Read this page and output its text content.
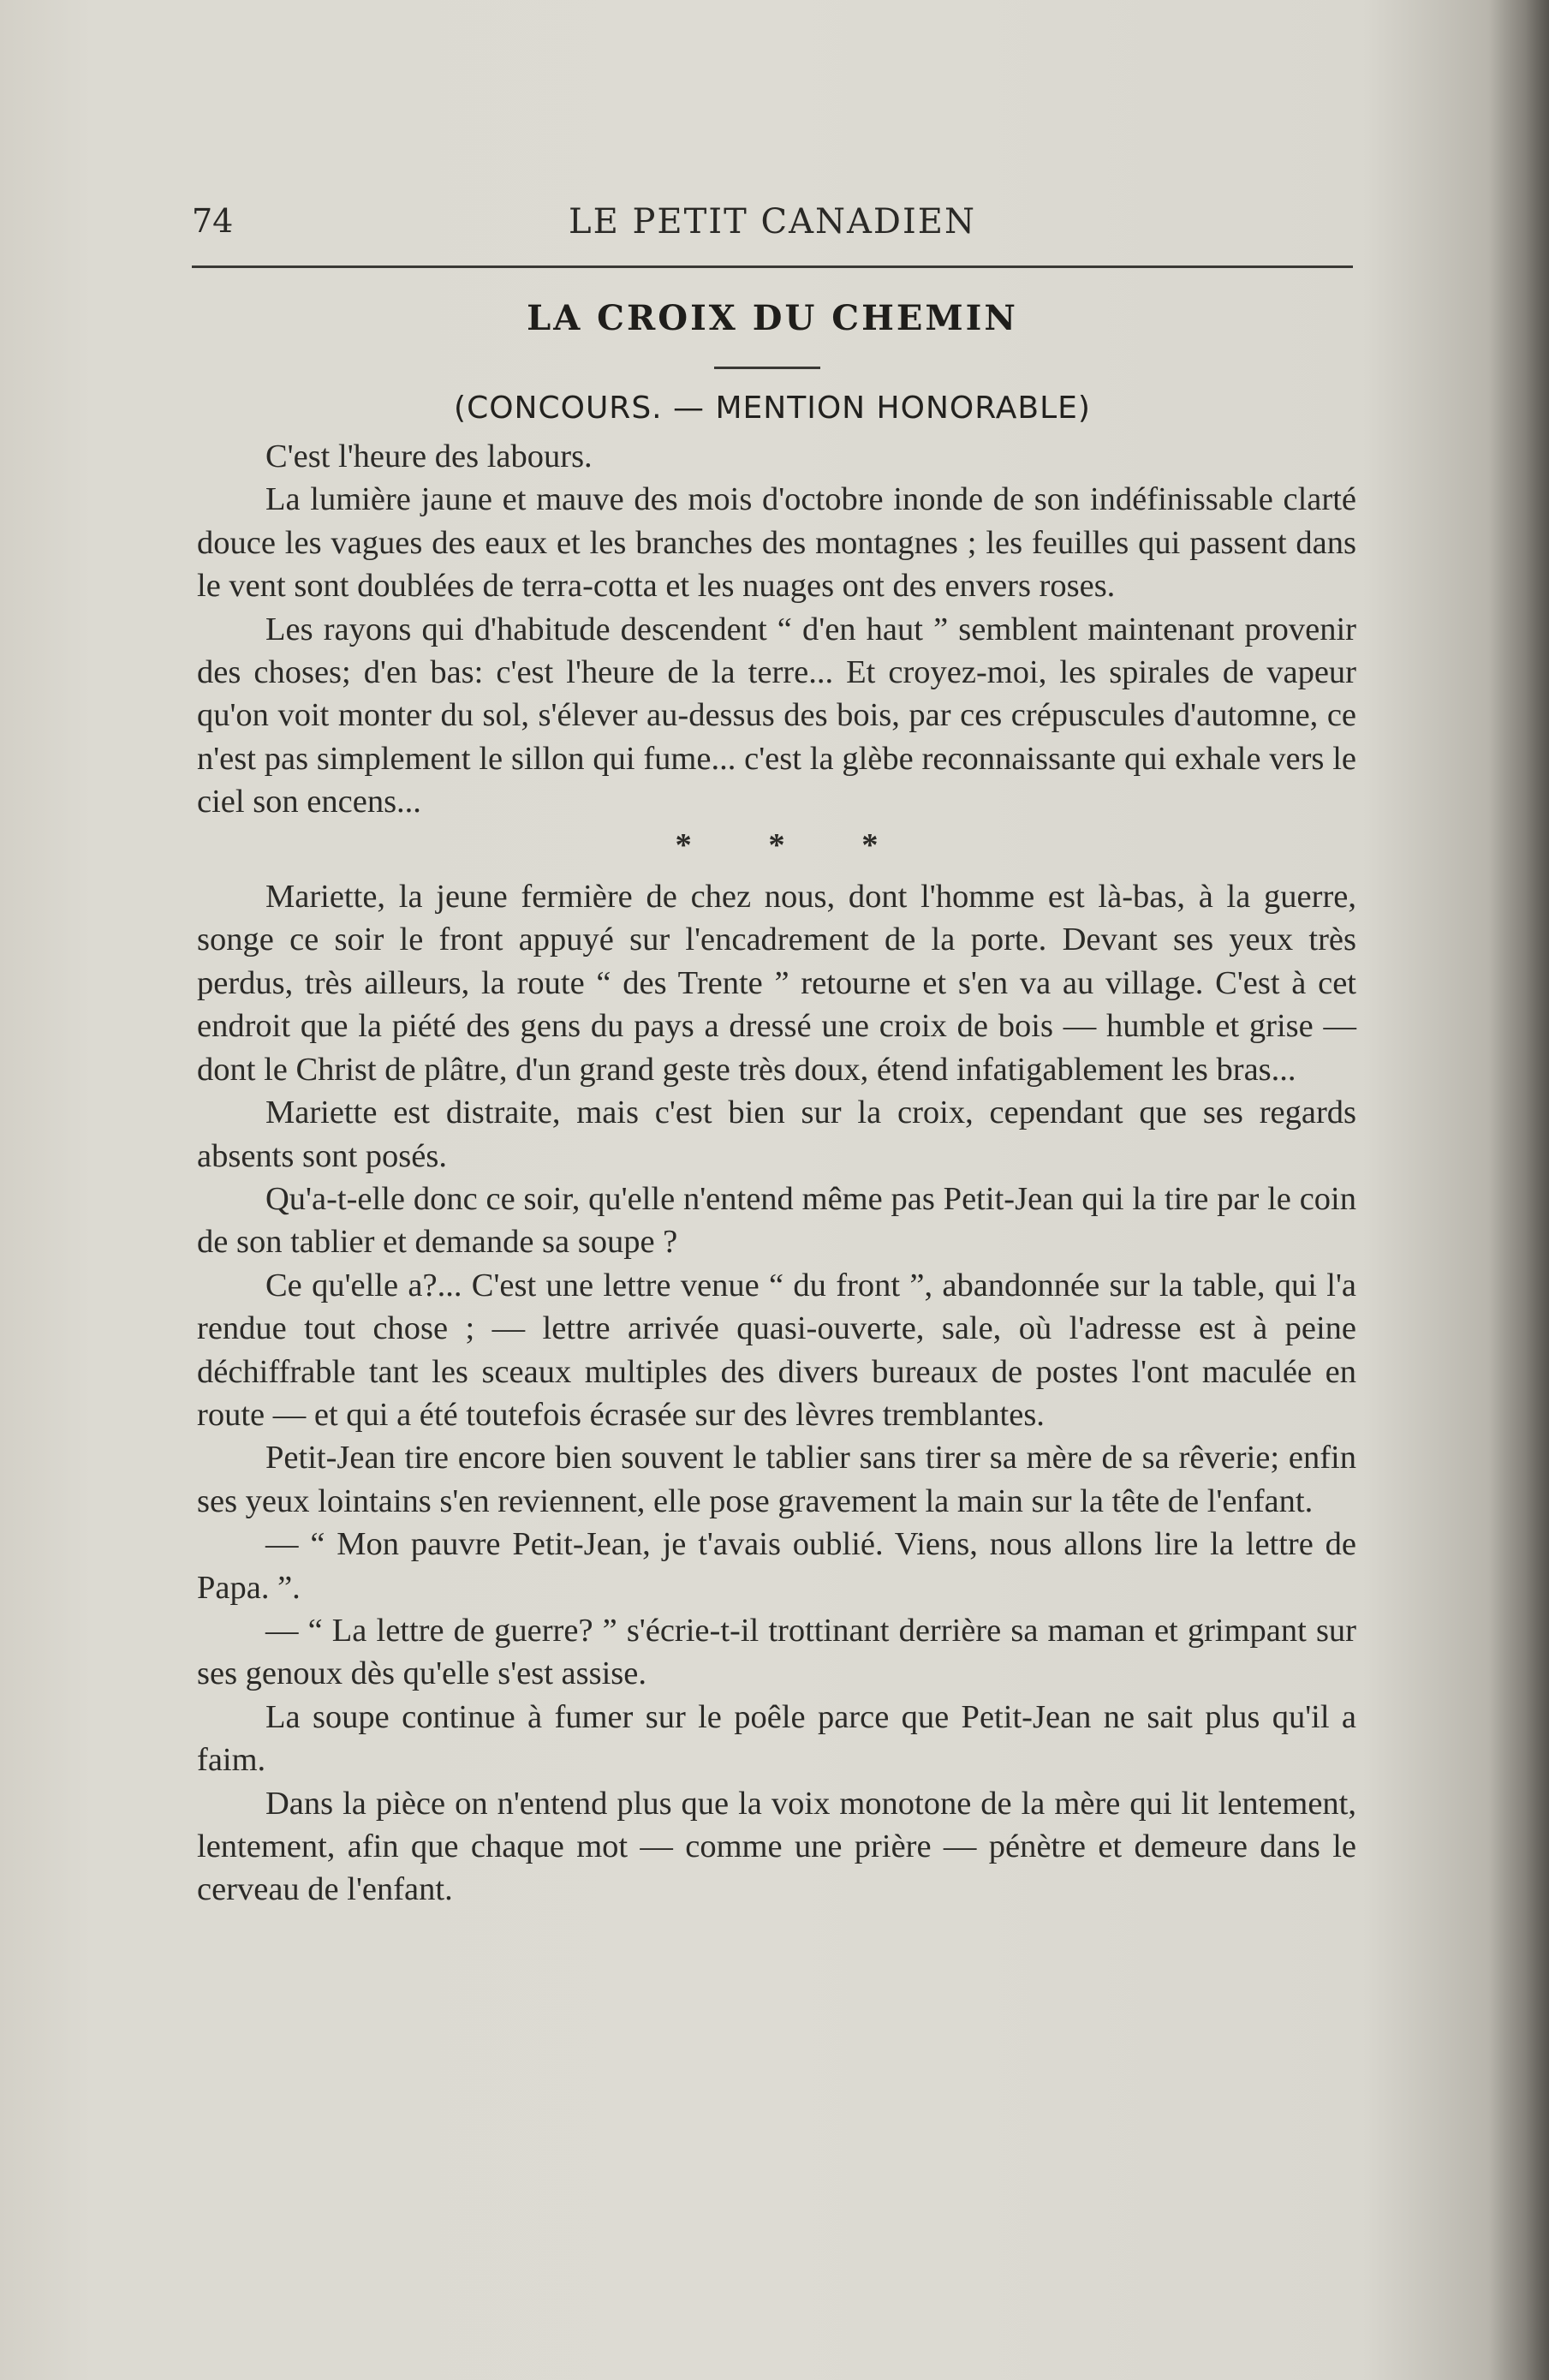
74	LE PETIT CANADIEN
LA CROIX DU CHEMIN
(CONCOURS. — MENTION HONORABLE)

C'est l'heure des labours.

La lumière jaune et mauve des mois d'octobre inonde de son indéfinissable clarté douce les vagues des eaux et les branches des montagnes ; les feuilles qui passent dans le vent sont doublées de terra-cotta et les nuages ont des envers roses.

Les rayons qui d'habitude descendent “ d'en haut ” semblent maintenant provenir des choses; d'en bas: c'est l'heure de la terre... Et croyez-moi, les spirales de vapeur qu'on voit monter du sol, s'élever au-dessus des bois, par ces crépuscules d'automne, ce n'est pas simplement le sillon qui fume... c'est la glèbe reconnaissante qui exhale vers le ciel son encens...

* * *

Mariette, la jeune fermière de chez nous, dont l'homme est là-bas, à la guerre, songe ce soir le front appuyé sur l'encadrement de la porte. Devant ses yeux très perdus, très ailleurs, la route “ des Trente ” retourne et s'en va au village. C'est à cet endroit que la piété des gens du pays a dressé une croix de bois — humble et grise — dont le Christ de plâtre, d'un grand geste très doux, étend infatigablement les bras...

Mariette est distraite, mais c'est bien sur la croix, cependant que ses regards absents sont posés.

Qu'a-t-elle donc ce soir, qu'elle n'entend même pas Petit-Jean qui la tire par le coin de son tablier et demande sa soupe ?

Ce qu'elle a?... C'est une lettre venue “ du front ”, abandonnée sur la table, qui l'a rendue tout chose ; — lettre arrivée quasi-ouverte, sale, où l'adresse est à peine déchiffrable tant les sceaux multiples des divers bureaux de postes l'ont maculée en route — et qui a été toutefois écrasée sur des lèvres tremblantes.

Petit-Jean tire encore bien souvent le tablier sans tirer sa mère de sa rêverie; enfin ses yeux lointains s'en reviennent, elle pose gravement la main sur la tête de l'enfant.

— “ Mon pauvre Petit-Jean, je t'avais oublié. Viens, nous allons lire la lettre de Papa. ”.

— “ La lettre de guerre? ” s'écrie-t-il trottinant derrière sa maman et grimpant sur ses genoux dès qu'elle s'est assise.

La soupe continue à fumer sur le poêle parce que Petit-Jean ne sait plus qu'il a faim.

Dans la pièce on n'entend plus que la voix monotone de la mère qui lit lentement, lentement, afin que chaque mot — comme une prière — pénètre et demeure dans le cerveau de l'enfant.
